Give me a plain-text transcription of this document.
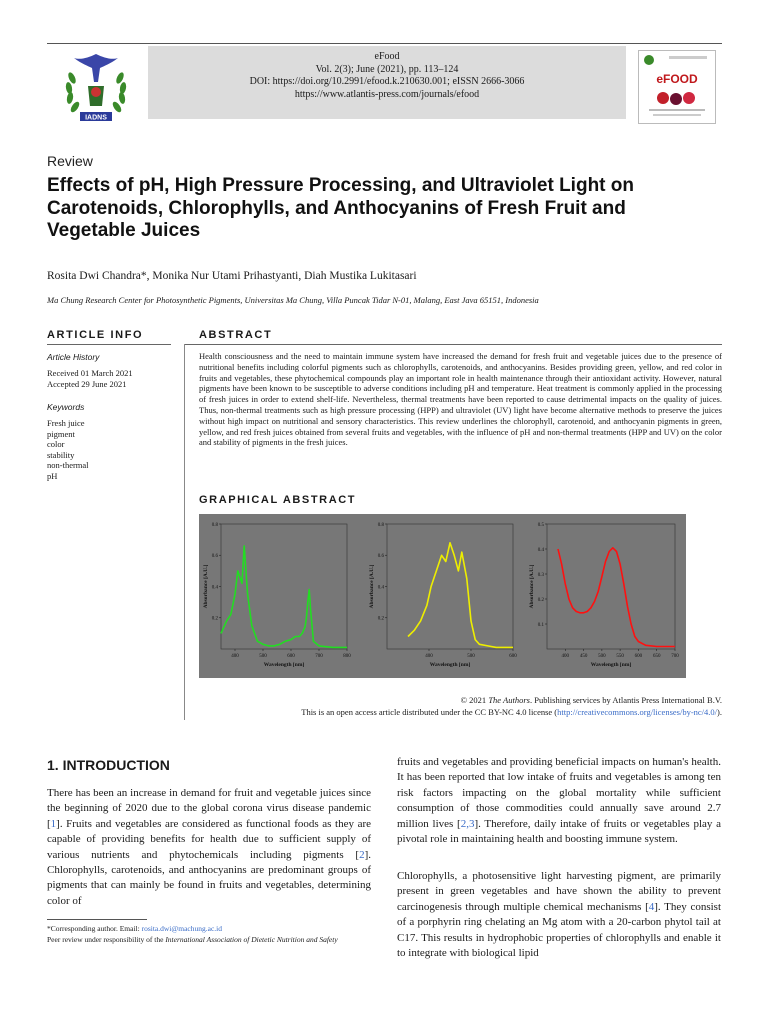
IADNS
eFood
Vol. 2(3); June (2021), pp. 113–124
DOI: https://doi.org/10.2991/efood.k.210630.001; eISSN 2666-3066
https://www.atlantis-press.com/journals/efood
eFOOD
Review
Effects of pH, High Pressure Processing, and Ultraviolet Light on Carotenoids, Chlorophylls, and Anthocyanins of Fresh Fruit and Vegetable Juices
Rosita Dwi Chandra*, Monika Nur Utami Prihastyanti, Diah Mustika Lukitasari
Ma Chung Research Center for Photosynthetic Pigments, Universitas Ma Chung, Villa Puncak Tidar N-01, Malang, East Java 65151, Indonesia
ARTICLE INFO
Article History
Received 01 March 2021
Accepted 29 June 2021
Keywords
Fresh juice
pigment
color
stability
non-thermal
pH
ABSTRACT
Health consciousness and the need to maintain immune system have increased the demand for fresh fruit and vegetable juices due to the presence of nutritional benefits including colorful pigments such as chlorophylls, carotenoids, and anthocyanins. Besides providing green, yellow, and red color in fruits and vegetables, these phytochemical compounds play an important role in health maintenance through their antioxidant activity. However, natural pigments have been known to be susceptible to adverse conditions including pH and temperature. Heat treatment is commonly applied in the processing of fresh juices in order to extend shelf-life. Nevertheless, thermal treatments have been reported to cause detrimental impacts on the quality of juices. Thus, non-thermal treatments such as high pressure processing (HPP) and ultraviolet (UV) light have become alternative methods to preserve the juices without high impact on nutritional and sensory characteristics. This review underlines the chlorophyll, carotenoid, and anthocyanin pigments in green, yellow, and red fresh juices obtained from several fruits and vegetables, with the influence of pH and non-thermal treatments (HPP and UV) on the color and stability of pigments in the fresh juices.
GRAPHICAL ABSTRACT
400	500	600	700	800
0.2
0.4
0.6
0.8
Wavelength [nm]
Absorbance [A.U.]
400	500	600
0.2
0.4
0.6
0.8
Wavelength [nm]
Absorbance [A.U.]
400 450 500 550 600 650 700
0.1
0.2
0.3
0.4
0.5
Wavelength [nm]
Absorbance [A.U.]
© 2021 The Authors. Publishing services by Atlantis Press International B.V.
This is an open access article distributed under the CC BY-NC 4.0 license (http://creativecommons.org/licenses/by-nc/4.0/).
1. INTRODUCTION
There has been an increase in demand for fruit and vegetable juices since the beginning of 2020 due to the global corona virus disease pandemic [1]. Fruits and vegetables are considered as functional foods as they are capable of providing benefits for health due to sufficient supply of various nutrients and phytochemicals including pigments [2]. Chlorophylls, carotenoids, and anthocyanins are predominant groups of pigments that can mainly be found in fruits and vegetables, determining color of
fruits and vegetables and providing beneficial impacts on human's health. It has been reported that low intake of fruits and vegetables is among ten risk factors impacting on the global mortality while sufficient consumption of those commodities could annually save around 2.7 million lives [2,3]. Therefore, daily intake of fruits or vegetables play a pivotal role in maintaining health and boosting immune system.
Chlorophylls, a photosensitive light harvesting pigment, are primarily present in green vegetables and have shown the ability to prevent carcinogenesis through multiple chemical mechanisms [4]. They consist of a porphyrin ring chelating an Mg atom with a 20-carbon phytol tail at C17. This results in hydrophobic properties of chlorophylls and enable it to integrate with biological lipid
*Corresponding author. Email: rosita.dwi@machung.ac.id
Peer review under responsibility of the International Association of Dietetic Nutrition and Safety
